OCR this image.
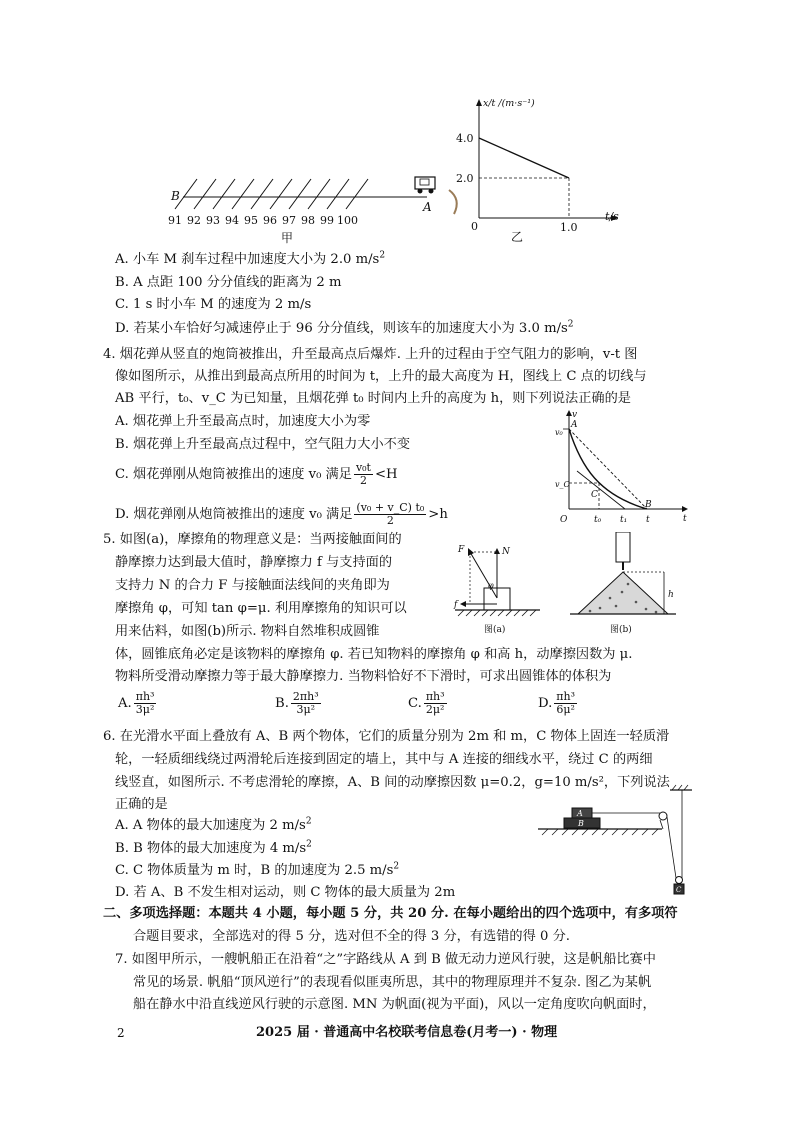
B
A
91 92 93 94 95 96 97 98 99 100
甲
x/t /(m·s⁻¹)
4.0
2.0
0	1.0
t/s
乙
A. 小车 M 刹车过程中加速度大小为 2.0 $m/s^2$
B. A 点距 100 分分值线的距离为 2 m
C. 1 s 时小车 M 的速度为 2 m/s
D. 若某小车恰好匀减速停止于 96 分分值线，则该车的加速度大小为 3.0 $m/s^2$
4. 烟花弹从竖直的炮筒被推出，升至最高点后爆炸. 上升的过程由于空气阻力的影响，v-t 图
像如图所示，从推出到最高点所用的时间为 t，上升的最大高度为 H，图线上 C 点的切线与
AB 平行，t₀、v_C 为已知量，且烟花弹 t₀ 时间内上升的高度为 h，则下列说法正确的是
A. 烟花弹上升至最高点时，加速度大小为零
B. 烟花弹上升至最高点过程中，空气阻力大小不变
C. 烟花弹刚从炮筒被推出的速度 v₀ 满足 $\frac{\text{v₀t}}{2} <H$
D. 烟花弹刚从炮筒被推出的速度 v₀ 满足 $\frac{\text{(v₀ + v\_C) t₀}}{2} >h$
v
A
v₀
v_C
C
B
O	t₀ t₁ t	t
5. 如图(a)，摩擦角的物理意义是：当两接触面间的
静摩擦力达到最大值时，静摩擦力 f 与支持面的
支持力 N 的合力 F 与接触面法线间的夹角即为
摩擦角 φ，可知 tan φ=μ. 利用摩擦角的知识可以
用来估料，如图(b)所示. 物料自然堆积成圆锥
体，圆锥底角必定是该物料的摩擦角 φ. 若已知物料的摩擦角 φ 和高 h，动摩擦因数为 μ.
物料所受滑动摩擦力等于最大静摩擦力. 当物料恰好不下滑时，可求出圆锥体的体积为
A. $\frac{\text{πh³}}{\text{3μ²}}$	B. $\frac{\text{2πh³}}{\text{3μ²}}$	C. $\frac{\text{πh³}}{\text{2μ²}}$	D. $\frac{\text{πh³}}{\text{6μ²}}$
F	N
f
φ
图(a)
h
图(b)
6. 在光滑水平面上叠放有 A、B 两个物体，它们的质量分别为 2m 和 m，C 物体上固连一轻质滑
轮，一轻质细线绕过两滑轮后连接到固定的墙上，其中与 A 连接的细线水平，绕过 C 的两细
线竖直，如图所示. 不考虑滑轮的摩擦，A、B 间的动摩擦因数 μ=0.2，g=10 m/s²，下列说法
正确的是
A. A 物体的最大加速度为 2 $m/s^2$
B. B 物体的最大加速度为 4 $m/s^2$
C. C 物体质量为 m 时，B 的加速度为 2.5 $m/s^2$
D. 若 A、B 不发生相对运动，则 C 物体的最大质量为 2m
A
B
C
二、多项选择题：本题共 4 小题，每小题 5 分，共 20 分. 在每小题给出的四个选项中，有多项符
合题目要求，全部选对的得 5 分，选对但不全的得 3 分，有选错的得 0 分.
7. 如图甲所示，一艘帆船正在沿着“之”字路线从 A 到 B 做无动力逆风行驶，这是帆船比赛中
常见的场景. 帆船“顶风逆行”的表现看似匪夷所思，其中的物理原理并不复杂. 图乙为某帆
船在静水中沿直线逆风行驶的示意图. MN 为帆面(视为平面)，风以一定角度吹向帆面时，
2	2025 届 · 普通高中名校联考信息卷(月考一) · 物理
